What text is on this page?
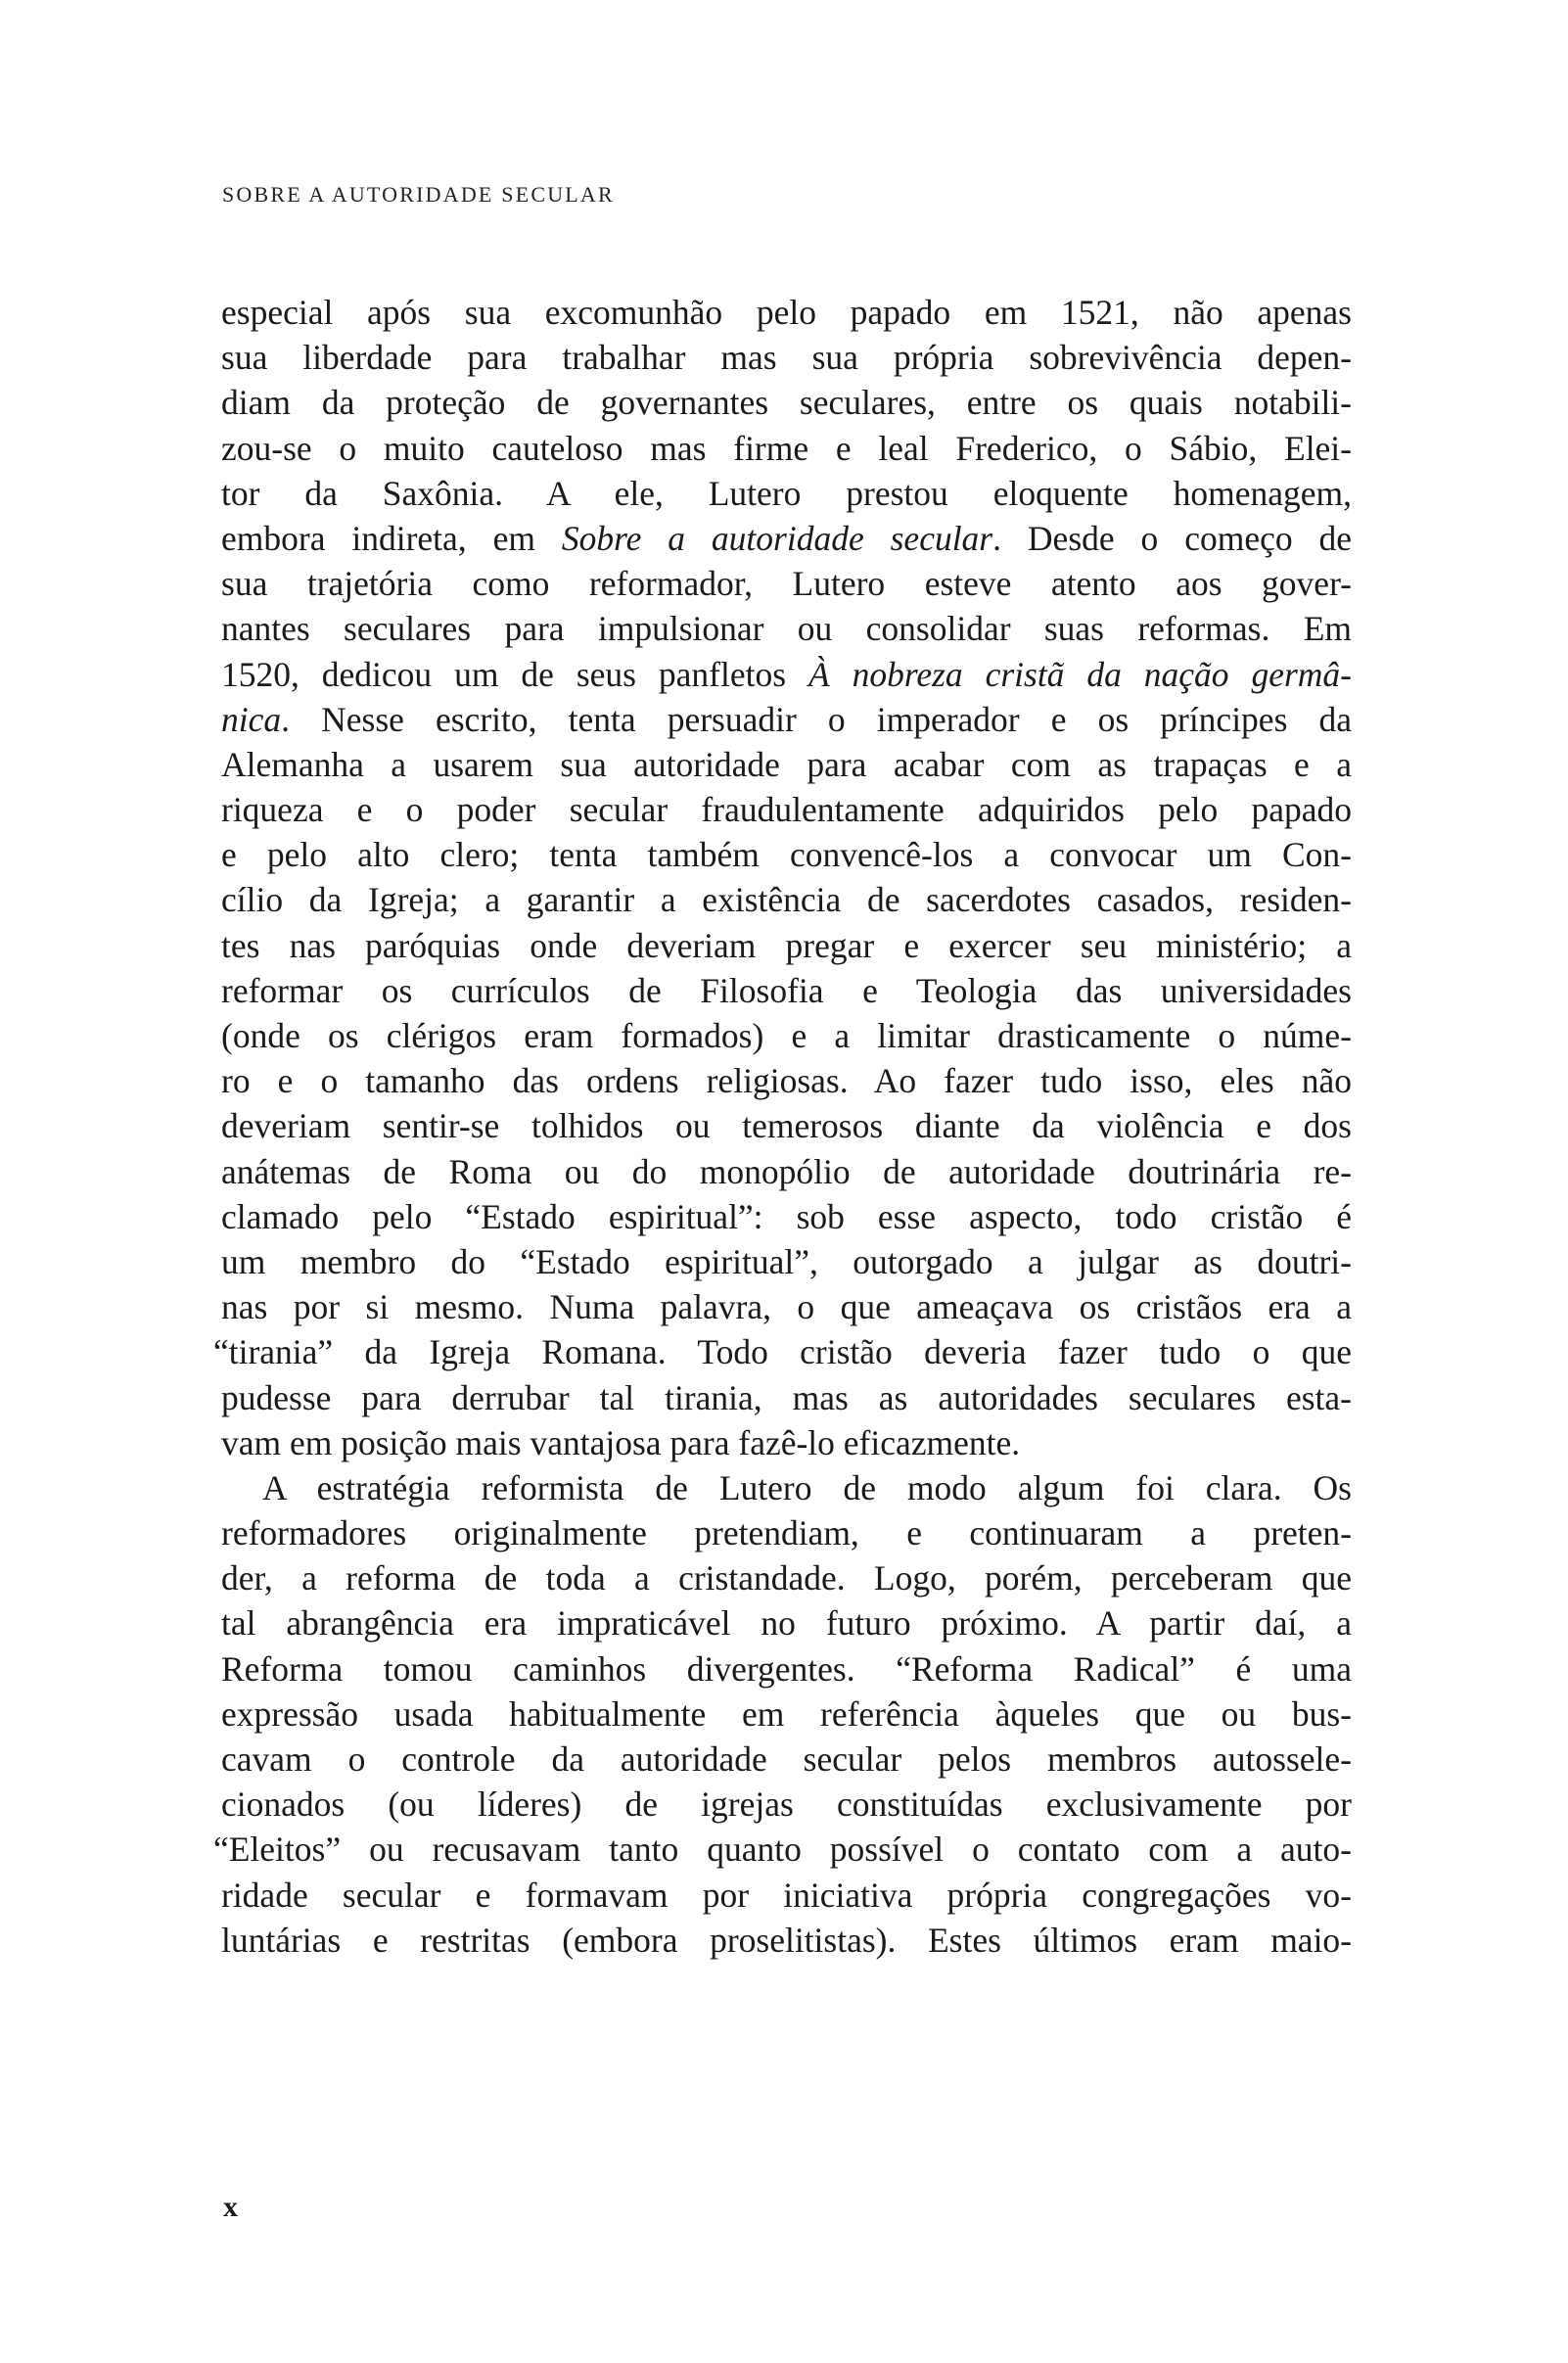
SOBRE A AUTORIDADE SECULAR
especial após sua excomunhão pelo papado em 1521, não apenas
sua liberdade para trabalhar mas sua própria sobrevivência depen-
diam da proteção de governantes seculares, entre os quais notabili-
zou-se o muito cauteloso mas firme e leal Frederico, o Sábio, Elei-
tor da Saxônia. A ele, Lutero prestou eloquente homenagem,
embora indireta, em Sobre a autoridade secular. Desde o começo de
sua trajetória como reformador, Lutero esteve atento aos gover-
nantes seculares para impulsionar ou consolidar suas reformas. Em
1520, dedicou um de seus panfletos À nobreza cristã da nação germâ-
nica. Nesse escrito, tenta persuadir o imperador e os príncipes da
Alemanha a usarem sua autoridade para acabar com as trapaças e a
riqueza e o poder secular fraudulentamente adquiridos pelo papado
e pelo alto clero; tenta também convencê-los a convocar um Con-
cílio da Igreja; a garantir a existência de sacerdotes casados, residen-
tes nas paróquias onde deveriam pregar e exercer seu ministério; a
reformar os currículos de Filosofia e Teologia das universidades
(onde os clérigos eram formados) e a limitar drasticamente o núme-
ro e o tamanho das ordens religiosas. Ao fazer tudo isso, eles não
deveriam sentir-se tolhidos ou temerosos diante da violência e dos
anátemas de Roma ou do monopólio de autoridade doutrinária re-
clamado pelo “Estado espiritual”: sob esse aspecto, todo cristão é
um membro do “Estado espiritual”, outorgado a julgar as doutri-
nas por si mesmo. Numa palavra, o que ameaçava os cristãos era a
“tirania” da Igreja Romana. Todo cristão deveria fazer tudo o que
pudesse para derrubar tal tirania, mas as autoridades seculares esta-
vam em posição mais vantajosa para fazê-lo eficazmente.
A estratégia reformista de Lutero de modo algum foi clara. Os
reformadores originalmente pretendiam, e continuaram a preten-
der, a reforma de toda a cristandade. Logo, porém, perceberam que
tal abrangência era impraticável no futuro próximo. A partir daí, a
Reforma tomou caminhos divergentes. “Reforma Radical” é uma
expressão usada habitualmente em referência àqueles que ou bus-
cavam o controle da autoridade secular pelos membros autossele-
cionados (ou líderes) de igrejas constituídas exclusivamente por
“Eleitos” ou recusavam tanto quanto possível o contato com a auto-
ridade secular e formavam por iniciativa própria congregações vo-
luntárias e restritas (embora proselitistas). Estes últimos eram maio-
x
